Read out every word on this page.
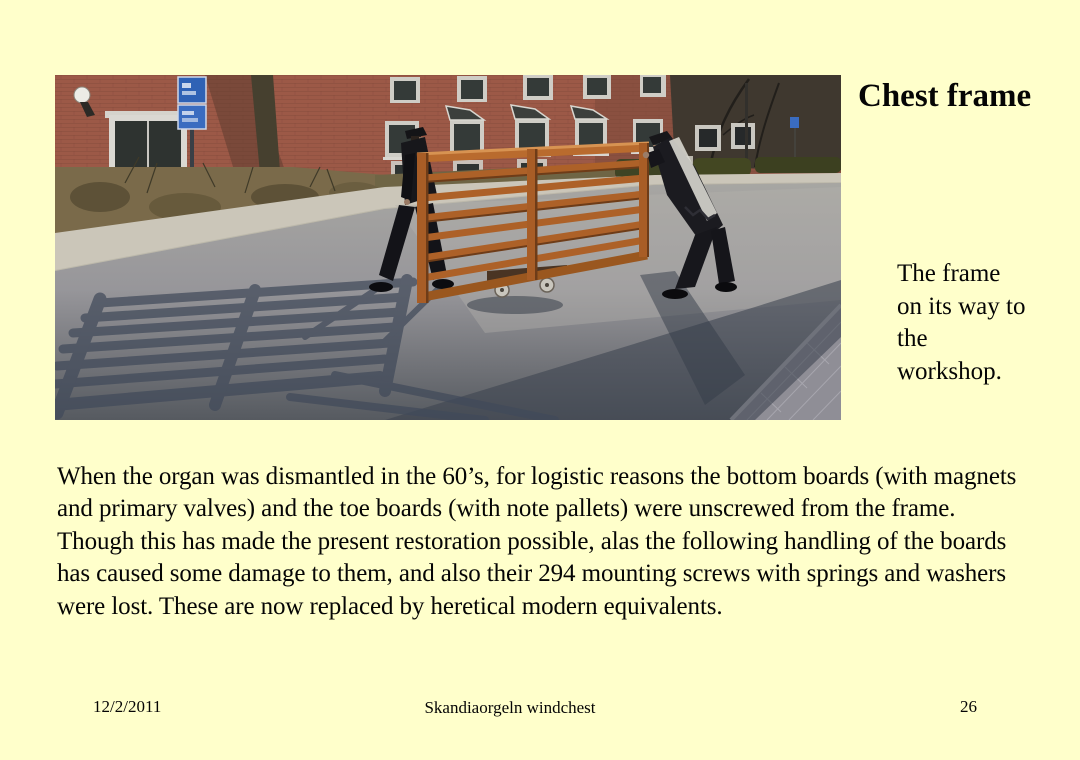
Chest frame
The frame on its way to the workshop.
When the organ was dismantled in the 60’s, for logistic reasons the bottom boards (with magnets and primary valves) and the toe boards (with note pallets) were unscrewed from the frame. Though this has made the present restoration possible, alas the following handling of the boards has caused some damage to them, and also their 294 mounting screws with springs and washers were lost. These are now replaced by heretical modern equivalents.
12/2/2011	Skandiaorgeln windchest	26
